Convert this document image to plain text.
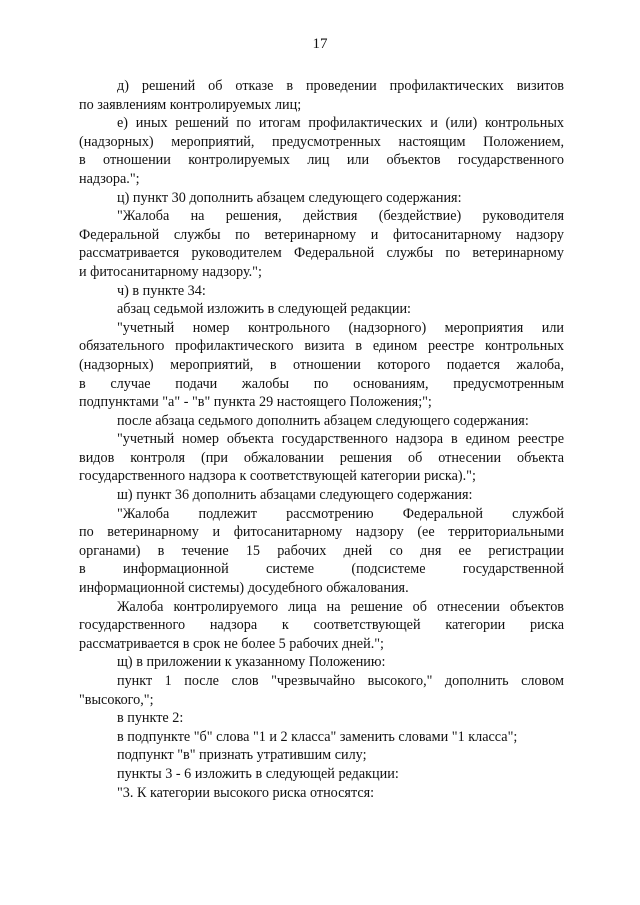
17
д) решений об отказе в проведении профилактических визитов
по заявлениям контролируемых лиц;
е) иных решений по итогам профилактических и (или) контрольных
(надзорных) мероприятий, предусмотренных настоящим Положением,
в отношении контролируемых лиц или объектов государственного
надзора.";
ц) пункт 30 дополнить абзацем следующего содержания:
"Жалоба на решения, действия (бездействие) руководителя
Федеральной службы по ветеринарному и фитосанитарному надзору
рассматривается руководителем Федеральной службы по ветеринарному
и фитосанитарному надзору.";
ч) в пункте 34:
абзац седьмой изложить в следующей редакции:
"учетный номер контрольного (надзорного) мероприятия или
обязательного профилактического визита в едином реестре контрольных
(надзорных) мероприятий, в отношении которого подается жалоба,
в случае подачи жалобы по основаниям, предусмотренным
подпунктами "а" - "в" пункта 29 настоящего Положения;";
после абзаца седьмого дополнить абзацем следующего содержания:
"учетный номер объекта государственного надзора в едином реестре
видов контроля (при обжаловании решения об отнесении объекта
государственного надзора к соответствующей категории риска).";
ш) пункт 36 дополнить абзацами следующего содержания:
"Жалоба подлежит рассмотрению Федеральной службой
по ветеринарному и фитосанитарному надзору (ее территориальными
органами) в течение 15 рабочих дней со дня ее регистрации
в информационной системе (подсистеме государственной
информационной системы) досудебного обжалования.
Жалоба контролируемого лица на решение об отнесении объектов
государственного надзора к соответствующей категории риска
рассматривается в срок не более 5 рабочих дней.";
щ) в приложении к указанному Положению:
пункт 1 после слов "чрезвычайно высокого," дополнить словом
"высокого,";
в пункте 2:
в подпункте "б" слова "1 и 2 класса" заменить словами "1 класса";
подпункт "в" признать утратившим силу;
пункты 3 - 6 изложить в следующей редакции:
"3. К категории высокого риска относятся:
